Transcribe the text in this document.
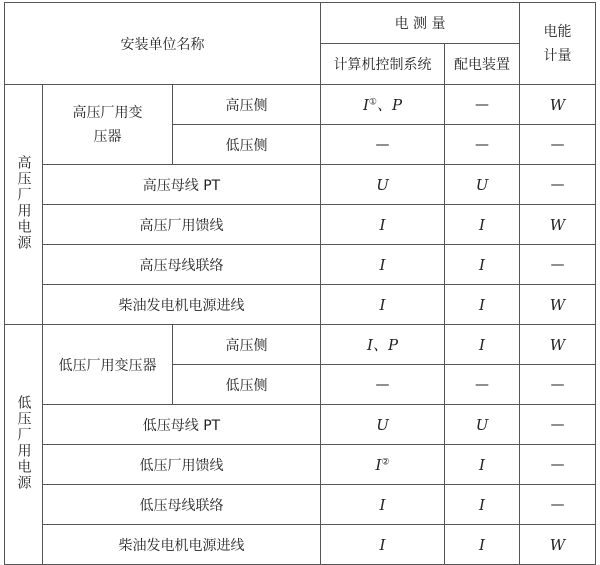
安装单位名称			电 测 量		电能计量
			计算机控制系统	配电装置	
高压厂用电源	高压厂用变压器	高压侧	I①、P	—	W
		低压侧	—	—	—
	高压母线 PT		U	U	—
	高压厂用馈线		I	I	W
	高压母线联络		I	I	—
	柴油发电机电源进线		I	I	W
低压厂用电源	低压厂用变压器	高压侧	I、P	I	W
		低压侧	—	—	—
	低压母线 PT		U	U	—
	低压厂用馈线		I②	I	—
	低压母线联络		I	I	—
	柴油发电机电源进线		I	I	W
